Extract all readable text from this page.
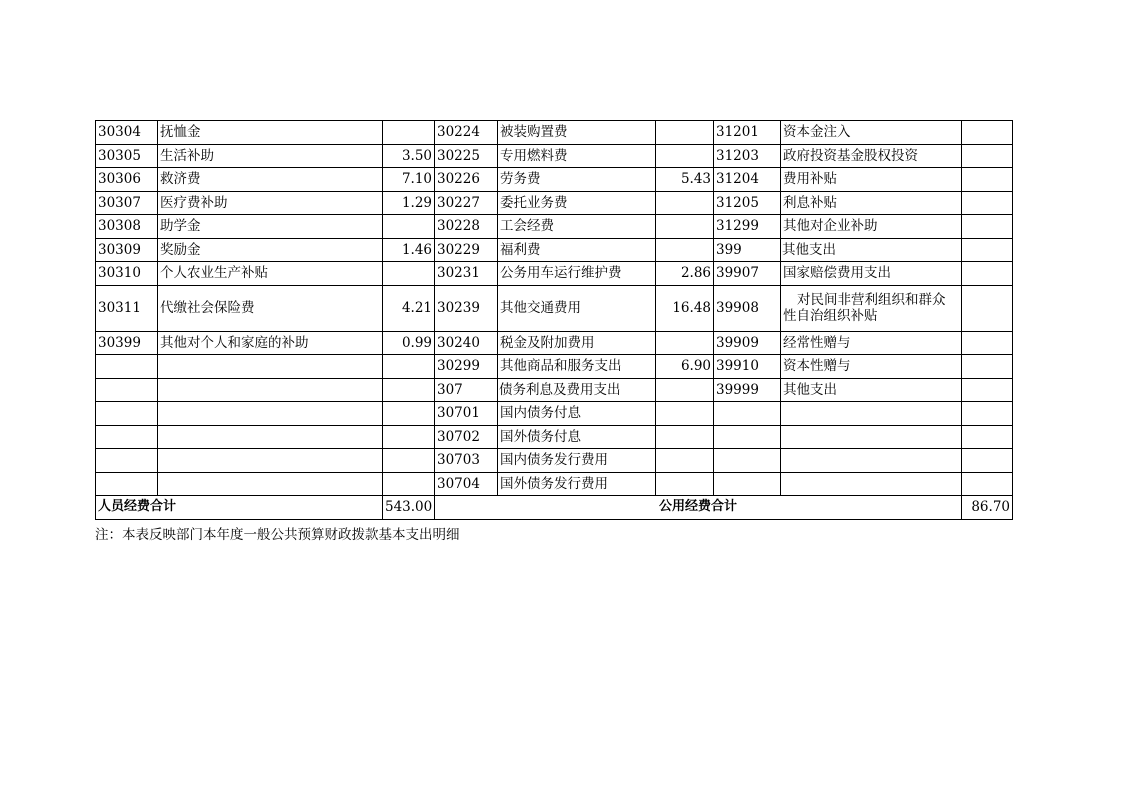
30304	抚恤金		30224	被装购置费		31201	资本金注入	
30305	生活补助	3.50	30225	专用燃料费		31203	政府投资基金股权投资	
30306	救济费	7.10	30226	劳务费	5.43	31204	费用补贴	
30307	医疗费补助	1.29	30227	委托业务费		31205	利息补贴	
30308	助学金		30228	工会经费		31299	其他对企业补助	
30309	奖励金	1.46	30229	福利费		399	其他支出	
30310	个人农业生产补贴		30231	公务用车运行维护费	2.86	39907	国家赔偿费用支出	
30311	代缴社会保险费	4.21	30239	其他交通费用	16.48	39908	对民间非营利组织和群众
性自治组织补贴	
30399	其他对个人和家庭的补助	0.99	30240	税金及附加费用		39909	经常性赠与	
			30299	其他商品和服务支出	6.90	39910	资本性赠与	
			307	债务利息及费用支出		39999	其他支出	
			30701	国内债务付息				
			30702	国外债务付息				
			30703	国内债务发行费用				
			30704	国外债务发行费用				
人员经费合计		543.00	公用经费合计					86.70
注：本表反映部门本年度一般公共预算财政拨款基本支出明细
